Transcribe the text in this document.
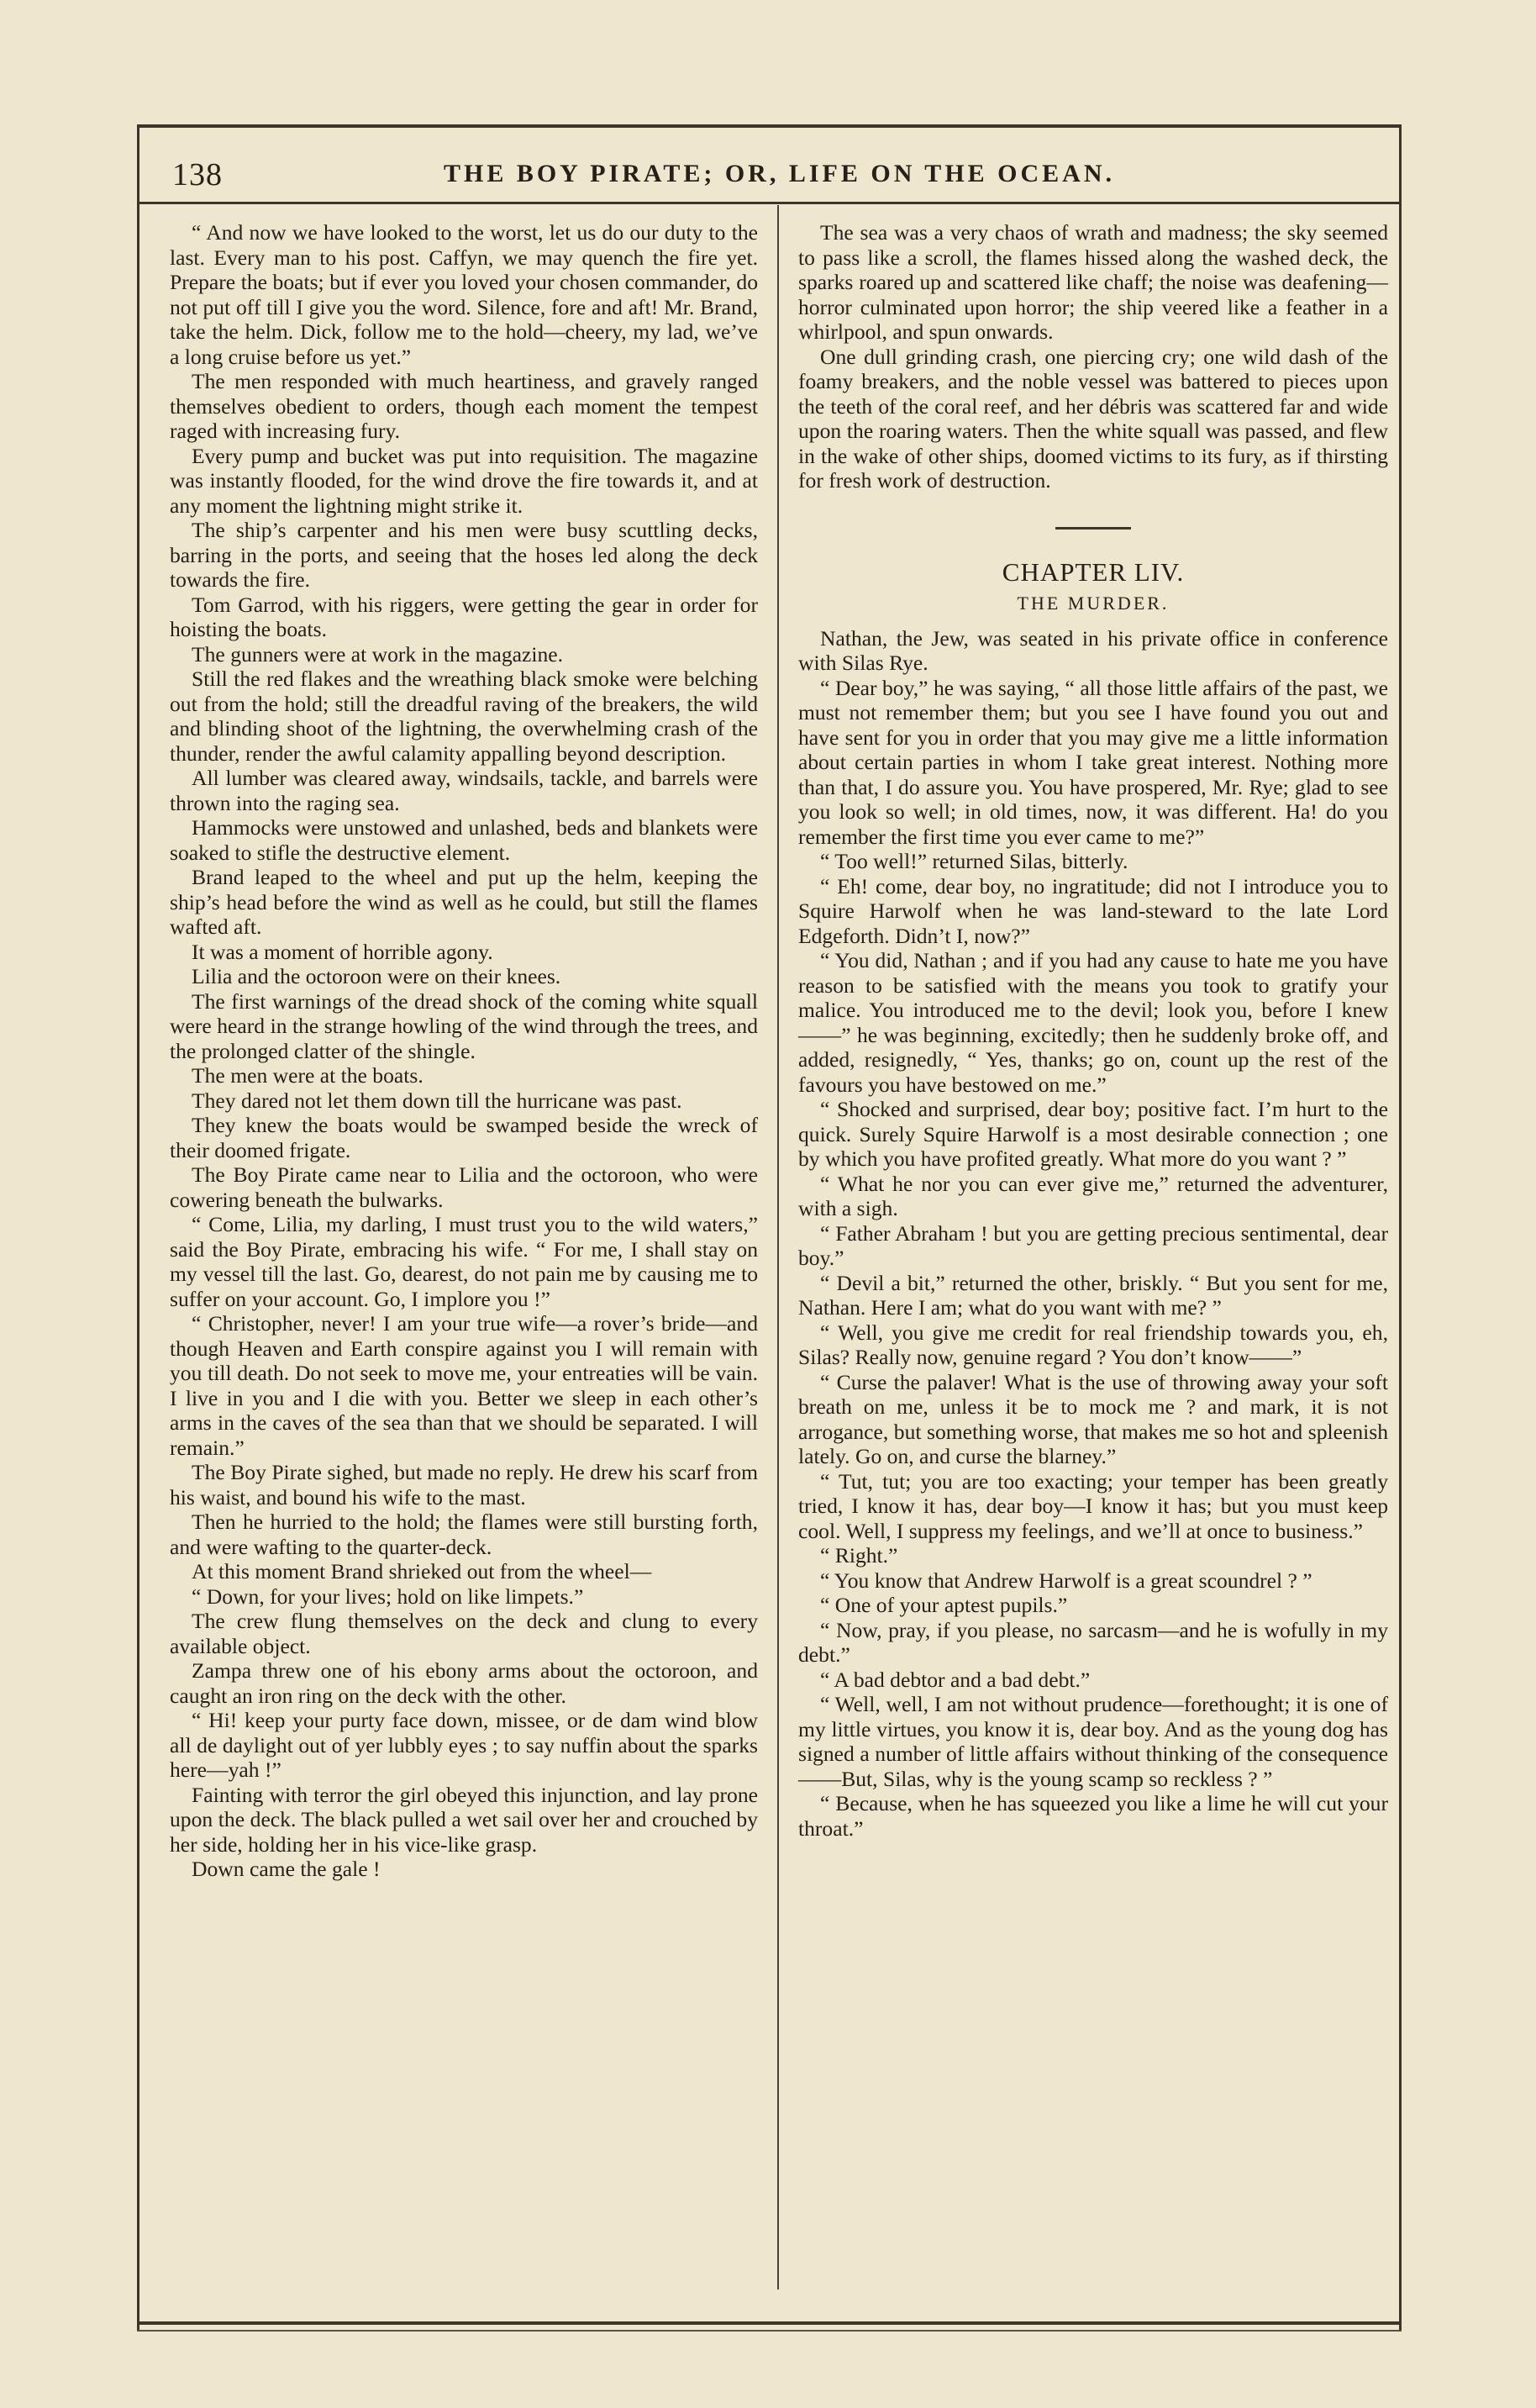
138	THE BOY PIRATE; OR, LIFE ON THE OCEAN.

“ And now we have looked to the worst, let us do our duty to the last. Every man to his post. Caffyn, we may quench the fire yet. Prepare the boats; but if ever you loved your chosen commander, do not put off till I give you the word. Silence, fore and aft! Mr. Brand, take the helm. Dick, follow me to the hold—cheery, my lad, we’ve a long cruise before us yet.”

The men responded with much heartiness, and gravely ranged themselves obedient to orders, though each moment the tempest raged with increasing fury.

Every pump and bucket was put into requisition. The magazine was instantly flooded, for the wind drove the fire towards it, and at any moment the lightning might strike it.

The ship’s carpenter and his men were busy scuttling decks, barring in the ports, and seeing that the hoses led along the deck towards the fire.

Tom Garrod, with his riggers, were getting the gear in order for hoisting the boats.

The gunners were at work in the magazine.

Still the red flakes and the wreathing black smoke were belching out from the hold; still the dreadful raving of the breakers, the wild and blinding shoot of the lightning, the overwhelming crash of the thunder, render the awful calamity appalling beyond description.

All lumber was cleared away, windsails, tackle, and barrels were thrown into the raging sea.

Hammocks were unstowed and unlashed, beds and blankets were soaked to stifle the destructive element.

Brand leaped to the wheel and put up the helm, keeping the ship’s head before the wind as well as he could, but still the flames wafted aft.

It was a moment of horrible agony.

Lilia and the octoroon were on their knees.

The first warnings of the dread shock of the coming white squall were heard in the strange howling of the wind through the trees, and the prolonged clatter of the shingle.

The men were at the boats.

They dared not let them down till the hurricane was past.

They knew the boats would be swamped beside the wreck of their doomed frigate.

The Boy Pirate came near to Lilia and the octoroon, who were cowering beneath the bulwarks.

“ Come, Lilia, my darling, I must trust you to the wild waters,” said the Boy Pirate, embracing his wife. “ For me, I shall stay on my vessel till the last. Go, dearest, do not pain me by causing me to suffer on your account. Go, I implore you !”

“ Christopher, never! I am your true wife—a rover’s bride—and though Heaven and Earth conspire against you I will remain with you till death. Do not seek to move me, your entreaties will be vain. I live in you and I die with you. Better we sleep in each other’s arms in the caves of the sea than that we should be separated. I will remain.”

The Boy Pirate sighed, but made no reply. He drew his scarf from his waist, and bound his wife to the mast.

Then he hurried to the hold; the flames were still bursting forth, and were wafting to the quarter-deck.

At this moment Brand shrieked out from the wheel—

“ Down, for your lives; hold on like limpets.”

The crew flung themselves on the deck and clung to every available object.

Zampa threw one of his ebony arms about the octoroon, and caught an iron ring on the deck with the other.

“ Hi! keep your purty face down, missee, or de dam wind blow all de daylight out of yer lubbly eyes ; to say nuffin about the sparks here—yah !”

Fainting with terror the girl obeyed this injunction, and lay prone upon the deck. The black pulled a wet sail over her and crouched by her side, holding her in his vice-like grasp.

Down came the gale !

The sea was a very chaos of wrath and madness; the sky seemed to pass like a scroll, the flames hissed along the washed deck, the sparks roared up and scattered like chaff; the noise was deafening—horror culminated upon horror; the ship veered like a feather in a whirlpool, and spun onwards.

One dull grinding crash, one piercing cry; one wild dash of the foamy breakers, and the noble vessel was battered to pieces upon the teeth of the coral reef, and her débris was scattered far and wide upon the roaring waters. Then the white squall was passed, and flew in the wake of other ships, doomed victims to its fury, as if thirsting for fresh work of destruction.

CHAPTER LIV.

THE MURDER.

Nathan, the Jew, was seated in his private office in conference with Silas Rye.

“ Dear boy,” he was saying, “ all those little affairs of the past, we must not remember them; but you see I have found you out and have sent for you in order that you may give me a little information about certain parties in whom I take great interest. Nothing more than that, I do assure you. You have prospered, Mr. Rye; glad to see you look so well; in old times, now, it was different. Ha! do you remember the first time you ever came to me?”

“ Too well!” returned Silas, bitterly.

“ Eh! come, dear boy, no ingratitude; did not I introduce you to Squire Harwolf when he was land-steward to the late Lord Edgeforth. Didn’t I, now?”

“ You did, Nathan ; and if you had any cause to hate me you have reason to be satisfied with the means you took to gratify your malice. You introduced me to the devil; look you, before I knew——” he was beginning, excitedly; then he suddenly broke off, and added, resignedly, “ Yes, thanks; go on, count up the rest of the favours you have bestowed on me.”

“ Shocked and surprised, dear boy; positive fact. I’m hurt to the quick. Surely Squire Harwolf is a most desirable connection ; one by which you have profited greatly. What more do you want ? ”

“ What he nor you can ever give me,” returned the adventurer, with a sigh.

“ Father Abraham ! but you are getting precious sentimental, dear boy.”

“ Devil a bit,” returned the other, briskly. “ But you sent for me, Nathan. Here I am; what do you want with me? ”

“ Well, you give me credit for real friendship towards you, eh, Silas? Really now, genuine regard ? You don’t know——”

“ Curse the palaver! What is the use of throwing away your soft breath on me, unless it be to mock me ? and mark, it is not arrogance, but something worse, that makes me so hot and spleenish lately. Go on, and curse the blarney.”

“ Tut, tut; you are too exacting; your temper has been greatly tried, I know it has, dear boy—I know it has; but you must keep cool. Well, I suppress my feelings, and we’ll at once to business.”

“ Right.”

“ You know that Andrew Harwolf is a great scoundrel ? ”

“ One of your aptest pupils.”

“ Now, pray, if you please, no sarcasm—and he is wofully in my debt.”

“ A bad debtor and a bad debt.”

“ Well, well, I am not without prudence—forethought; it is one of my little virtues, you know it is, dear boy. And as the young dog has signed a number of little affairs without thinking of the consequence——But, Silas, why is the young scamp so reckless ? ”

“ Because, when he has squeezed you like a lime he will cut your throat.”
